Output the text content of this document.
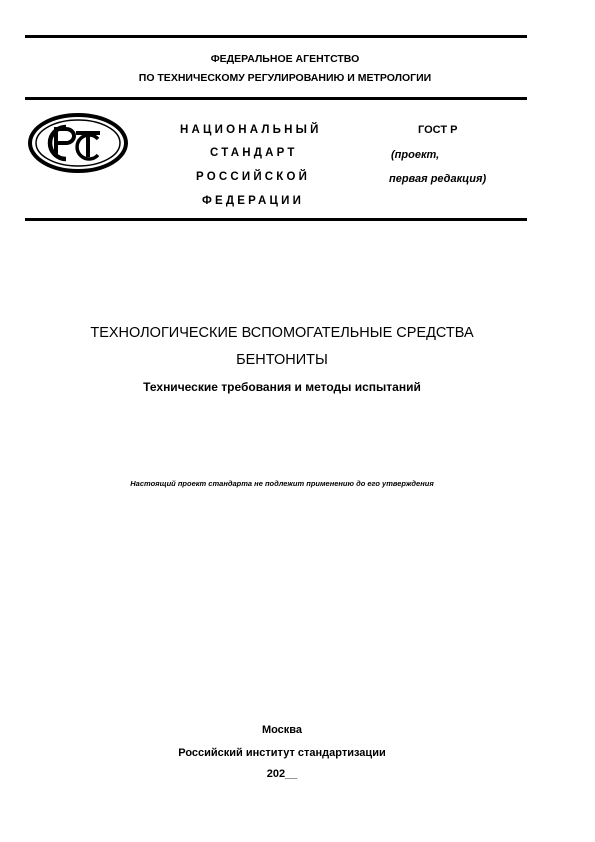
ФЕДЕРАЛЬНОЕ АГЕНТСТВО
ПО ТЕХНИЧЕСКОМУ РЕГУЛИРОВАНИЮ И МЕТРОЛОГИИ
НАЦИОНАЛЬНЫЙ
СТАНДАРТ
РОССИЙСКОЙ
ФЕДЕРАЦИИ
ГОСТ Р
(проект,
первая редакция)
ТЕХНОЛОГИЧЕСКИЕ ВСПОМОГАТЕЛЬНЫЕ СРЕДСТВА
БЕНТОНИТЫ
Технические требования и методы испытаний
Настоящий проект стандарта не подлежит применению до его утверждения
Москва
Российский институт стандартизации
202__
